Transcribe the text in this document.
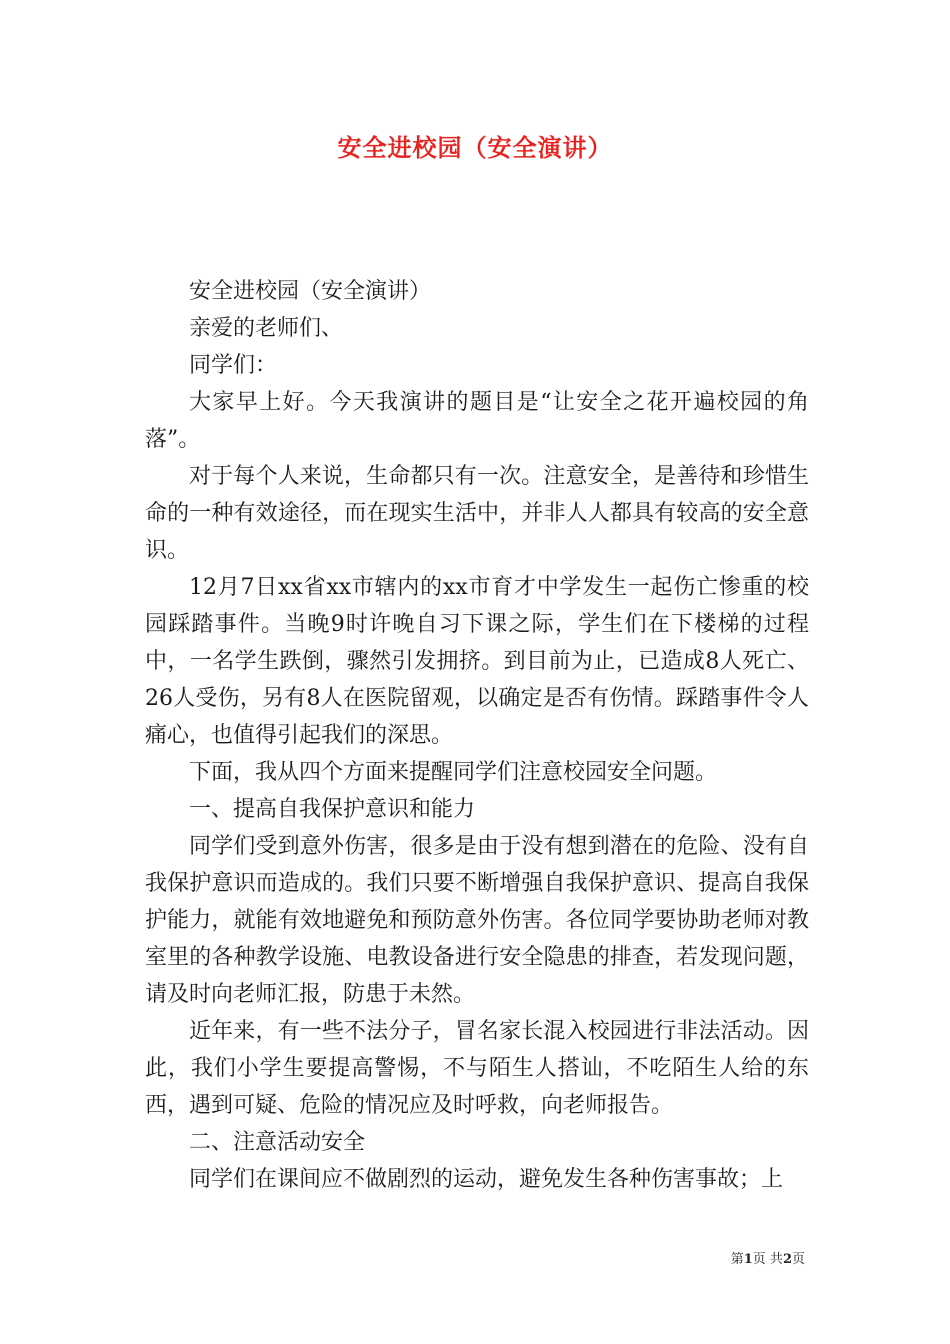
安全进校园（安全演讲）

安全进校园（安全演讲）

亲爱的老师们、

同学们：

大家早上好。今天我演讲的题目是“让安全之花开遍校园的角落”。

对于每个人来说，生命都只有一次。注意安全，是善待和珍惜生命的一种有效途径，而在现实生活中，并非人人都具有较高的安全意识。

12月7日xx省xx市辖内的xx市育才中学发生一起伤亡惨重的校园踩踏事件。当晚9时许晚自习下课之际，学生们在下楼梯的过程中，一名学生跌倒，骤然引发拥挤。到目前为止，已造成8人死亡、26人受伤，另有8人在医院留观，以确定是否有伤情。踩踏事件令人痛心，也值得引起我们的深思。

下面，我从四个方面来提醒同学们注意校园安全问题。

一、提高自我保护意识和能力

同学们受到意外伤害，很多是由于没有想到潜在的危险、没有自我保护意识而造成的。我们只要不断增强自我保护意识、提高自我保护能力，就能有效地避免和预防意外伤害。各位同学要协助老师对教室里的各种教学设施、电教设备进行安全隐患的排查，若发现问题，请及时向老师汇报，防患于未然。

近年来，有一些不法分子，冒名家长混入校园进行非法活动。因此，我们小学生要提高警惕，不与陌生人搭讪，不吃陌生人给的东西，遇到可疑、危险的情况应及时呼救，向老师报告。

二、注意活动安全

同学们在课间应不做剧烈的运动，避免发生各种伤害事故；上

第1页 共2页
